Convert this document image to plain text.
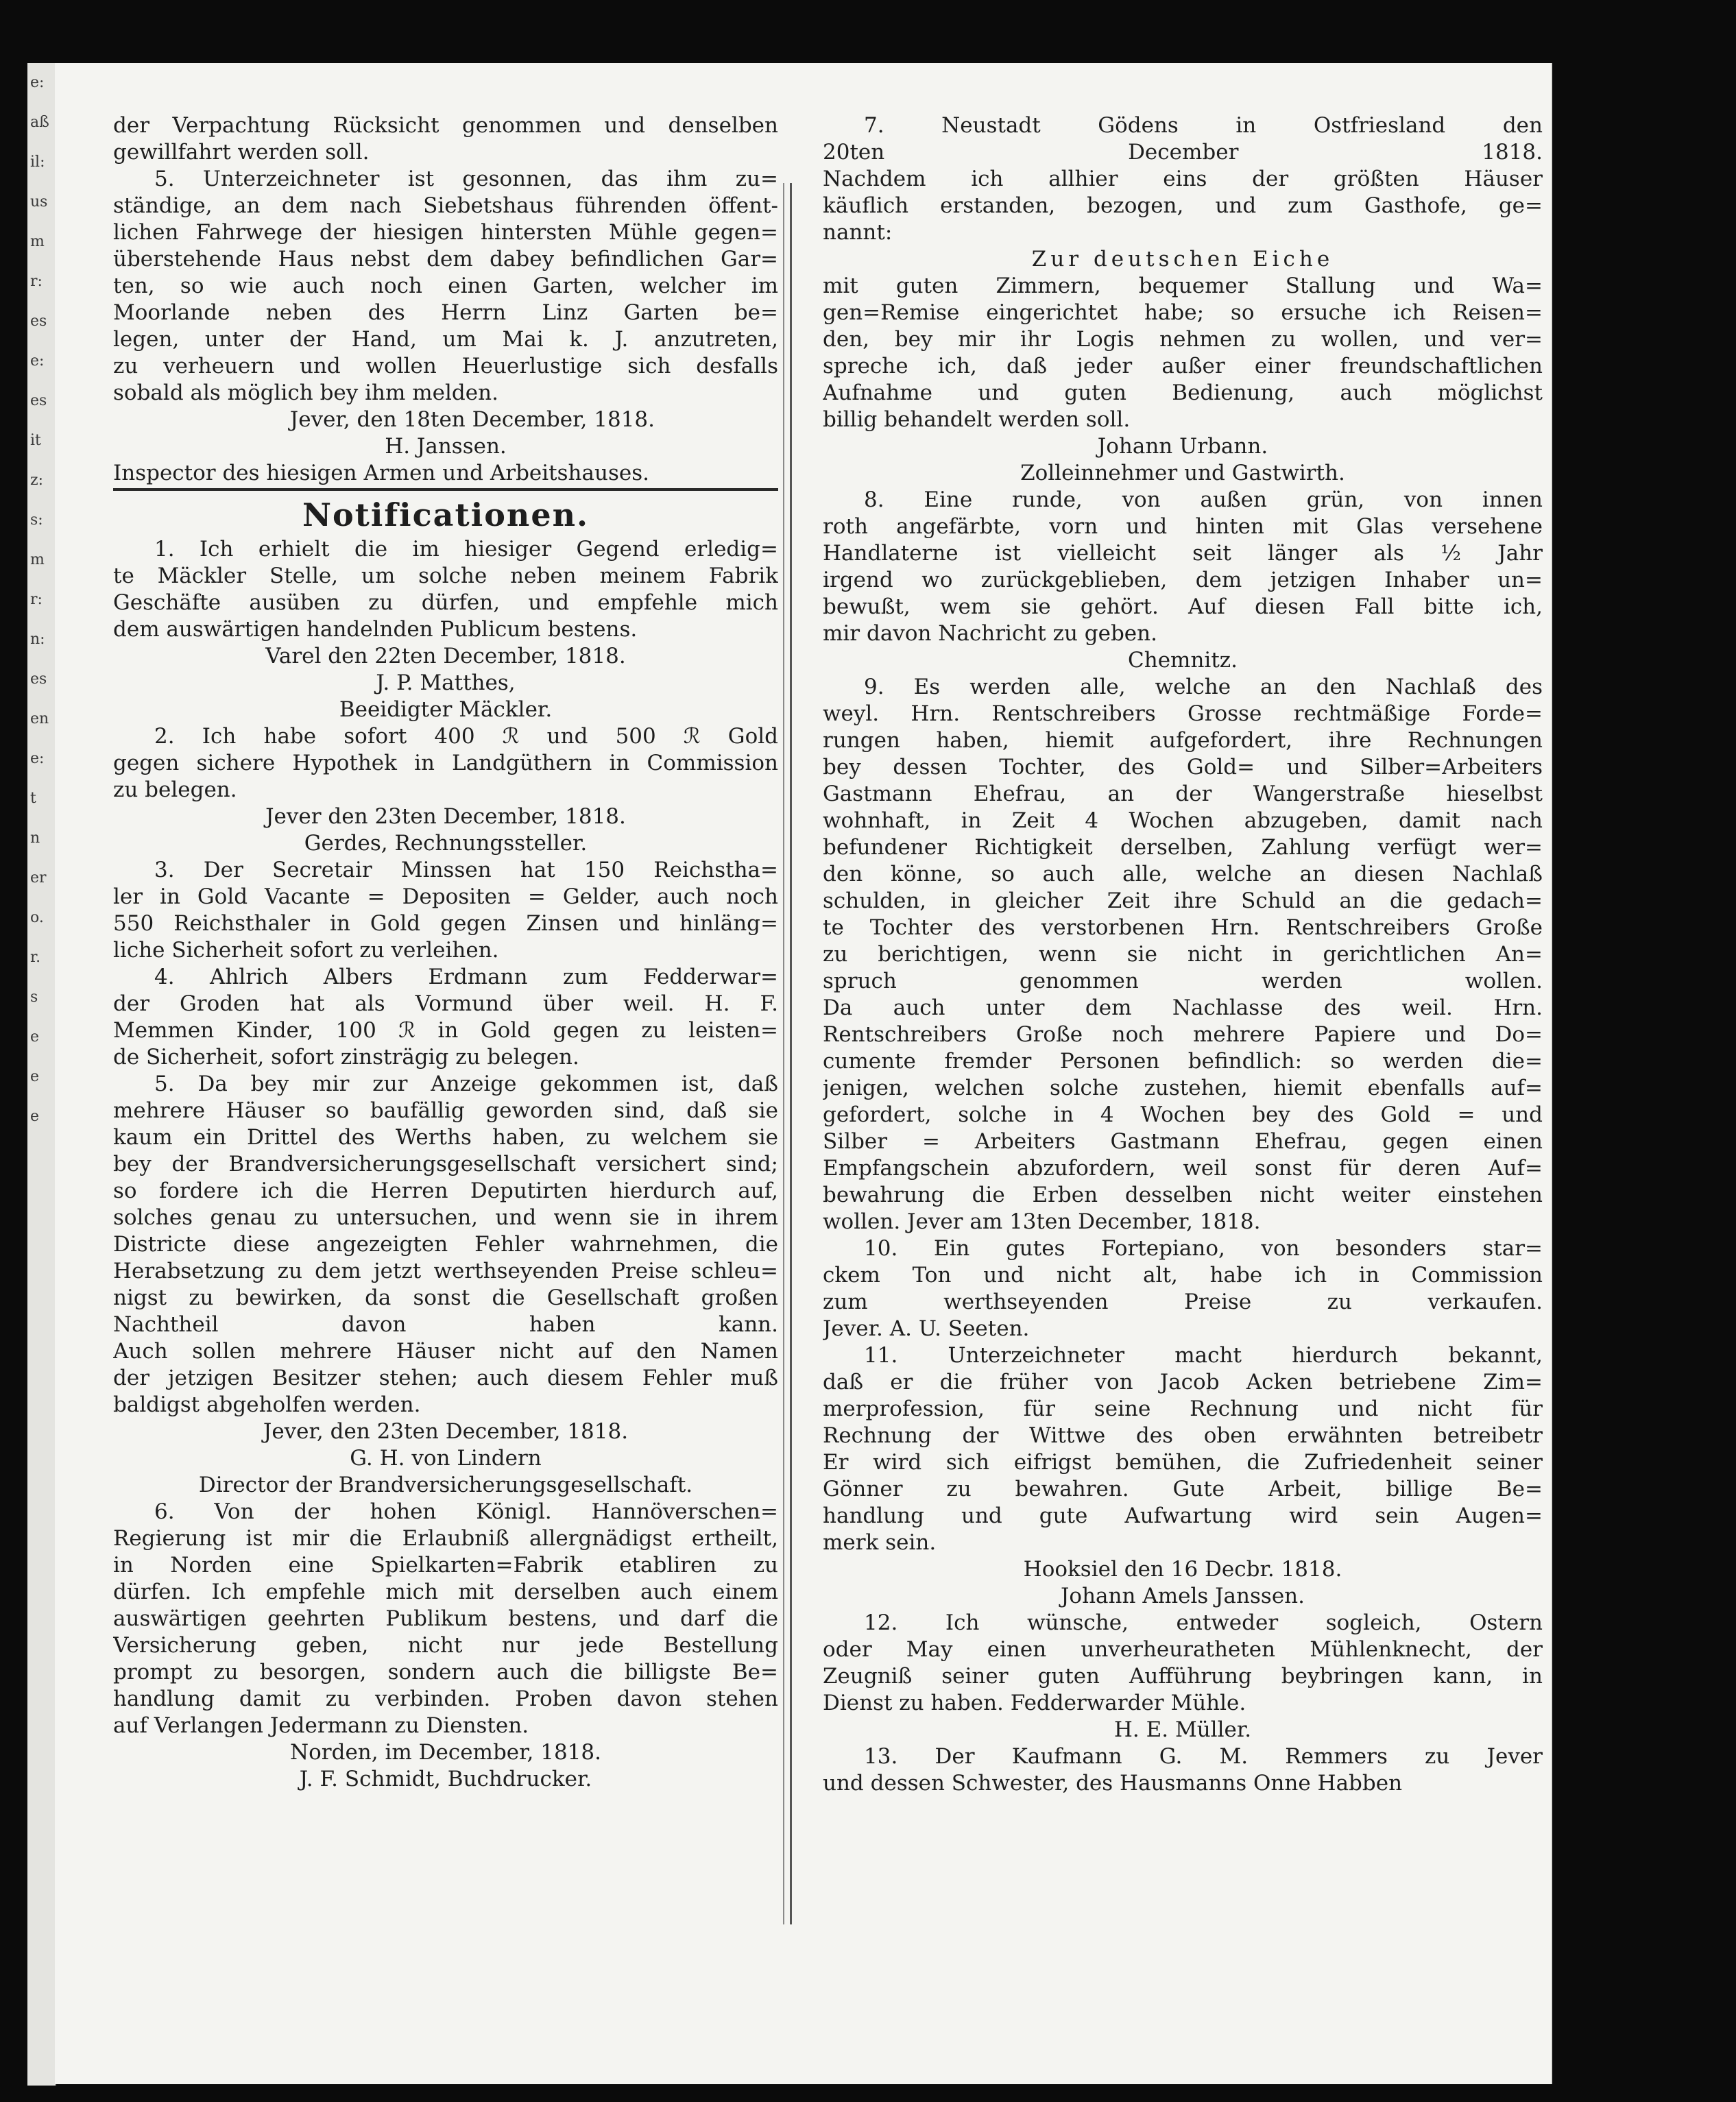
e:
aß
il:
us
m
r:
es
e:
es
it
z:
s:
m
r:
n:
es
en
e:
t
n
er
o.
r.
s
e
e
e
der Verpachtung Rücksicht genommen und denselben
gewillfahrt werden soll.
5. Unterzeichneter ist gesonnen, das ihm zu=
ständige, an dem nach Siebetshaus führenden öffent-
lichen Fahrwege der hiesigen hintersten Mühle gegen=
überstehende Haus nebst dem dabey befindlichen Gar=
ten, so wie auch noch einen Garten, welcher im
Moorlande neben des Herrn Linz Garten be=
legen, unter der Hand, um Mai k. J. anzutreten,
zu verheuern und wollen Heuerlustige sich desfalls
sobald als möglich bey ihm melden.
Jever, den 18ten December, 1818.
H. Janssen.
Inspector des hiesigen Armen und Arbeitshauses.
Notificationen.
1. Ich erhielt die im hiesiger Gegend erledig=
te Mäckler Stelle, um solche neben meinem Fabrik
Geschäfte ausüben zu dürfen, und empfehle mich
dem auswärtigen handelnden Publicum bestens.
Varel den 22ten December, 1818.
J. P. Matthes,
Beeidigter Mäckler.
2. Ich habe sofort 400 ℛ und 500 ℛ Gold
gegen sichere Hypothek in Landgüthern in Commission
zu belegen.
Jever den 23ten December, 1818.
Gerdes, Rechnungssteller.
3. Der Secretair Minssen hat 150 Reichstha=
ler in Gold Vacante = Depositen = Gelder, auch noch
550 Reichsthaler in Gold gegen Zinsen und hinläng=
liche Sicherheit sofort zu verleihen.
4. Ahlrich Albers Erdmann zum Fedderwar=
der Groden hat als Vormund über weil. H. F.
Memmen Kinder, 100 ℛ in Gold gegen zu leisten=
de Sicherheit, sofort zinsträgig zu belegen.
5. Da bey mir zur Anzeige gekommen ist, daß
mehrere Häuser so baufällig geworden sind, daß sie
kaum ein Drittel des Werths haben, zu welchem sie
bey der Brandversicherungsgesellschaft versichert sind;
so fordere ich die Herren Deputirten hierdurch auf,
solches genau zu untersuchen, und wenn sie in ihrem
Districte diese angezeigten Fehler wahrnehmen, die
Herabsetzung zu dem jetzt werthseyenden Preise schleu=
nigst zu bewirken, da sonst die Gesellschaft großen
Nachtheil davon haben kann.
Auch sollen mehrere Häuser nicht auf den Namen
der jetzigen Besitzer stehen; auch diesem Fehler muß
baldigst abgeholfen werden.
Jever, den 23ten December, 1818.
G. H. von Lindern
Director der Brandversicherungsgesellschaft.
6. Von der hohen Königl. Hannöverschen=
Regierung ist mir die Erlaubniß allergnädigst ertheilt,
in Norden eine Spielkarten=Fabrik etabliren zu
dürfen. Ich empfehle mich mit derselben auch einem
auswärtigen geehrten Publikum bestens, und darf die
Versicherung geben, nicht nur jede Bestellung
prompt zu besorgen, sondern auch die billigste Be=
handlung damit zu verbinden. Proben davon stehen
auf Verlangen Jedermann zu Diensten.
Norden, im December, 1818.
J. F. Schmidt, Buchdrucker.
7. Neustadt Gödens in Ostfriesland den
20ten December 1818.
Nachdem ich allhier eins der größten Häuser
käuflich erstanden, bezogen, und zum Gasthofe, ge=
nannt:
Zur deutschen Eiche
mit guten Zimmern, bequemer Stallung und Wa=
gen=Remise eingerichtet habe; so ersuche ich Reisen=
den, bey mir ihr Logis nehmen zu wollen, und ver=
spreche ich, daß jeder außer einer freundschaftlichen
Aufnahme und guten Bedienung, auch möglichst
billig behandelt werden soll.
Johann Urbann.
Zolleinnehmer und Gastwirth.
8. Eine runde, von außen grün, von innen
roth angefärbte, vorn und hinten mit Glas versehene
Handlaterne ist vielleicht seit länger als ½ Jahr
irgend wo zurückgeblieben, dem jetzigen Inhaber un=
bewußt, wem sie gehört. Auf diesen Fall bitte ich,
mir davon Nachricht zu geben.
Chemnitz.
9. Es werden alle, welche an den Nachlaß des
weyl. Hrn. Rentschreibers Grosse rechtmäßige Forde=
rungen haben, hiemit aufgefordert, ihre Rechnungen
bey dessen Tochter, des Gold= und Silber=Arbeiters
Gastmann Ehefrau, an der Wangerstraße hieselbst
wohnhaft, in Zeit 4 Wochen abzugeben, damit nach
befundener Richtigkeit derselben, Zahlung verfügt wer=
den könne, so auch alle, welche an diesen Nachlaß
schulden, in gleicher Zeit ihre Schuld an die gedach=
te Tochter des verstorbenen Hrn. Rentschreibers Große
zu berichtigen, wenn sie nicht in gerichtlichen An=
spruch genommen werden wollen.
Da auch unter dem Nachlasse des weil. Hrn.
Rentschreibers Große noch mehrere Papiere und Do=
cumente fremder Personen befindlich: so werden die=
jenigen, welchen solche zustehen, hiemit ebenfalls auf=
gefordert, solche in 4 Wochen bey des Gold = und
Silber = Arbeiters Gastmann Ehefrau, gegen einen
Empfangschein abzufordern, weil sonst für deren Auf=
bewahrung die Erben desselben nicht weiter einstehen
wollen. Jever am 13ten December, 1818.
10. Ein gutes Fortepiano, von besonders star=
ckem Ton und nicht alt, habe ich in Commission
zum werthseyenden Preise zu verkaufen.
Jever. A. U. Seeten.
11. Unterzeichneter macht hierdurch bekannt,
daß er die früher von Jacob Acken betriebene Zim=
merprofession, für seine Rechnung und nicht für
Rechnung der Wittwe des oben erwähnten betreibetr
Er wird sich eifrigst bemühen, die Zufriedenheit seiner
Gönner zu bewahren. Gute Arbeit, billige Be=
handlung und gute Aufwartung wird sein Augen=
merk sein.
Hooksiel den 16 Decbr. 1818.
Johann Amels Janssen.
12. Ich wünsche, entweder sogleich, Ostern
oder May einen unverheuratheten Mühlenknecht, der
Zeugniß seiner guten Aufführung beybringen kann, in
Dienst zu haben. Fedderwarder Mühle.
H. E. Müller.
13. Der Kaufmann G. M. Remmers zu Jever
und dessen Schwester, des Hausmanns Onne Habben
